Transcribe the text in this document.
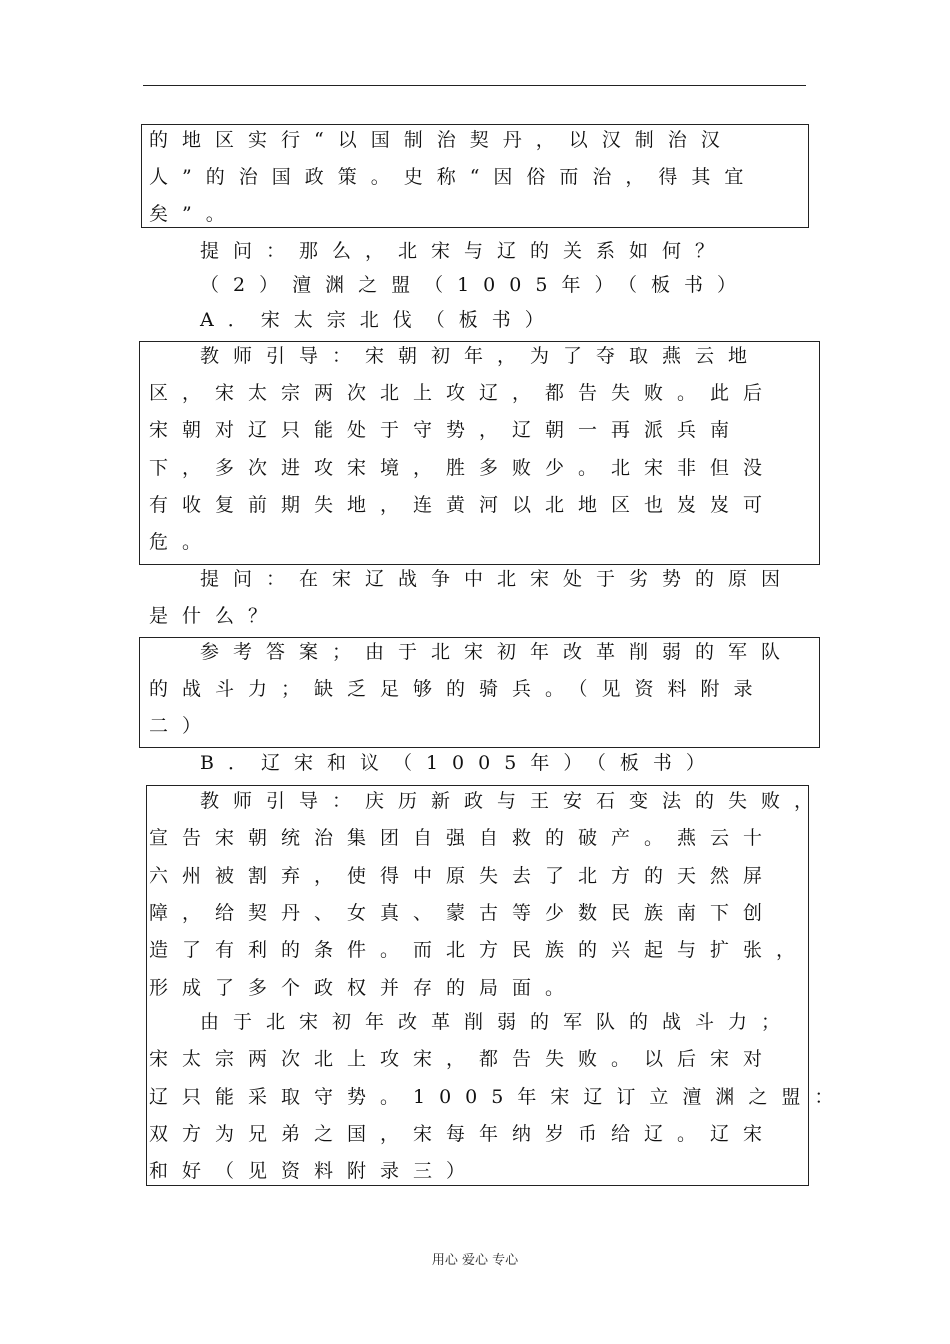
的地区实行“以国制治契丹，以汉制治汉
人”的治国政策。史称“因俗而治，得其宜
矣”。
提问：那么，北宋与辽的关系如何？
（2）澶渊之盟（1005年）（板书）
A．宋太宗北伐（板书）
教师引导：宋朝初年，为了夺取燕云地
区，宋太宗两次北上攻辽，都告失败。此后
宋朝对辽只能处于守势，辽朝一再派兵南
下，多次进攻宋境，胜多败少。北宋非但没
有收复前期失地，连黄河以北地区也岌岌可
危。
提问：在宋辽战争中北宋处于劣势的原因
是什么？
参考答案；由于北宋初年改革削弱的军队
的战斗力；缺乏足够的骑兵。（见资料附录
二）
B．辽宋和议（1005年）（板书）
教师引导：庆历新政与王安石变法的失败，
宣告宋朝统治集团自强自救的破产。燕云十
六州被割弃，使得中原失去了北方的天然屏
障，给契丹、女真、蒙古等少数民族南下创
造了有利的条件。而北方民族的兴起与扩张，
形成了多个政权并存的局面。
由于北宋初年改革削弱的军队的战斗力；
宋太宗两次北上攻宋，都告失败。以后宋对
辽只能采取守势。1005年宋辽订立澶渊之盟：
双方为兄弟之国，宋每年纳岁币给辽。辽宋
和好（见资料附录三）
用心 爱心 专心
